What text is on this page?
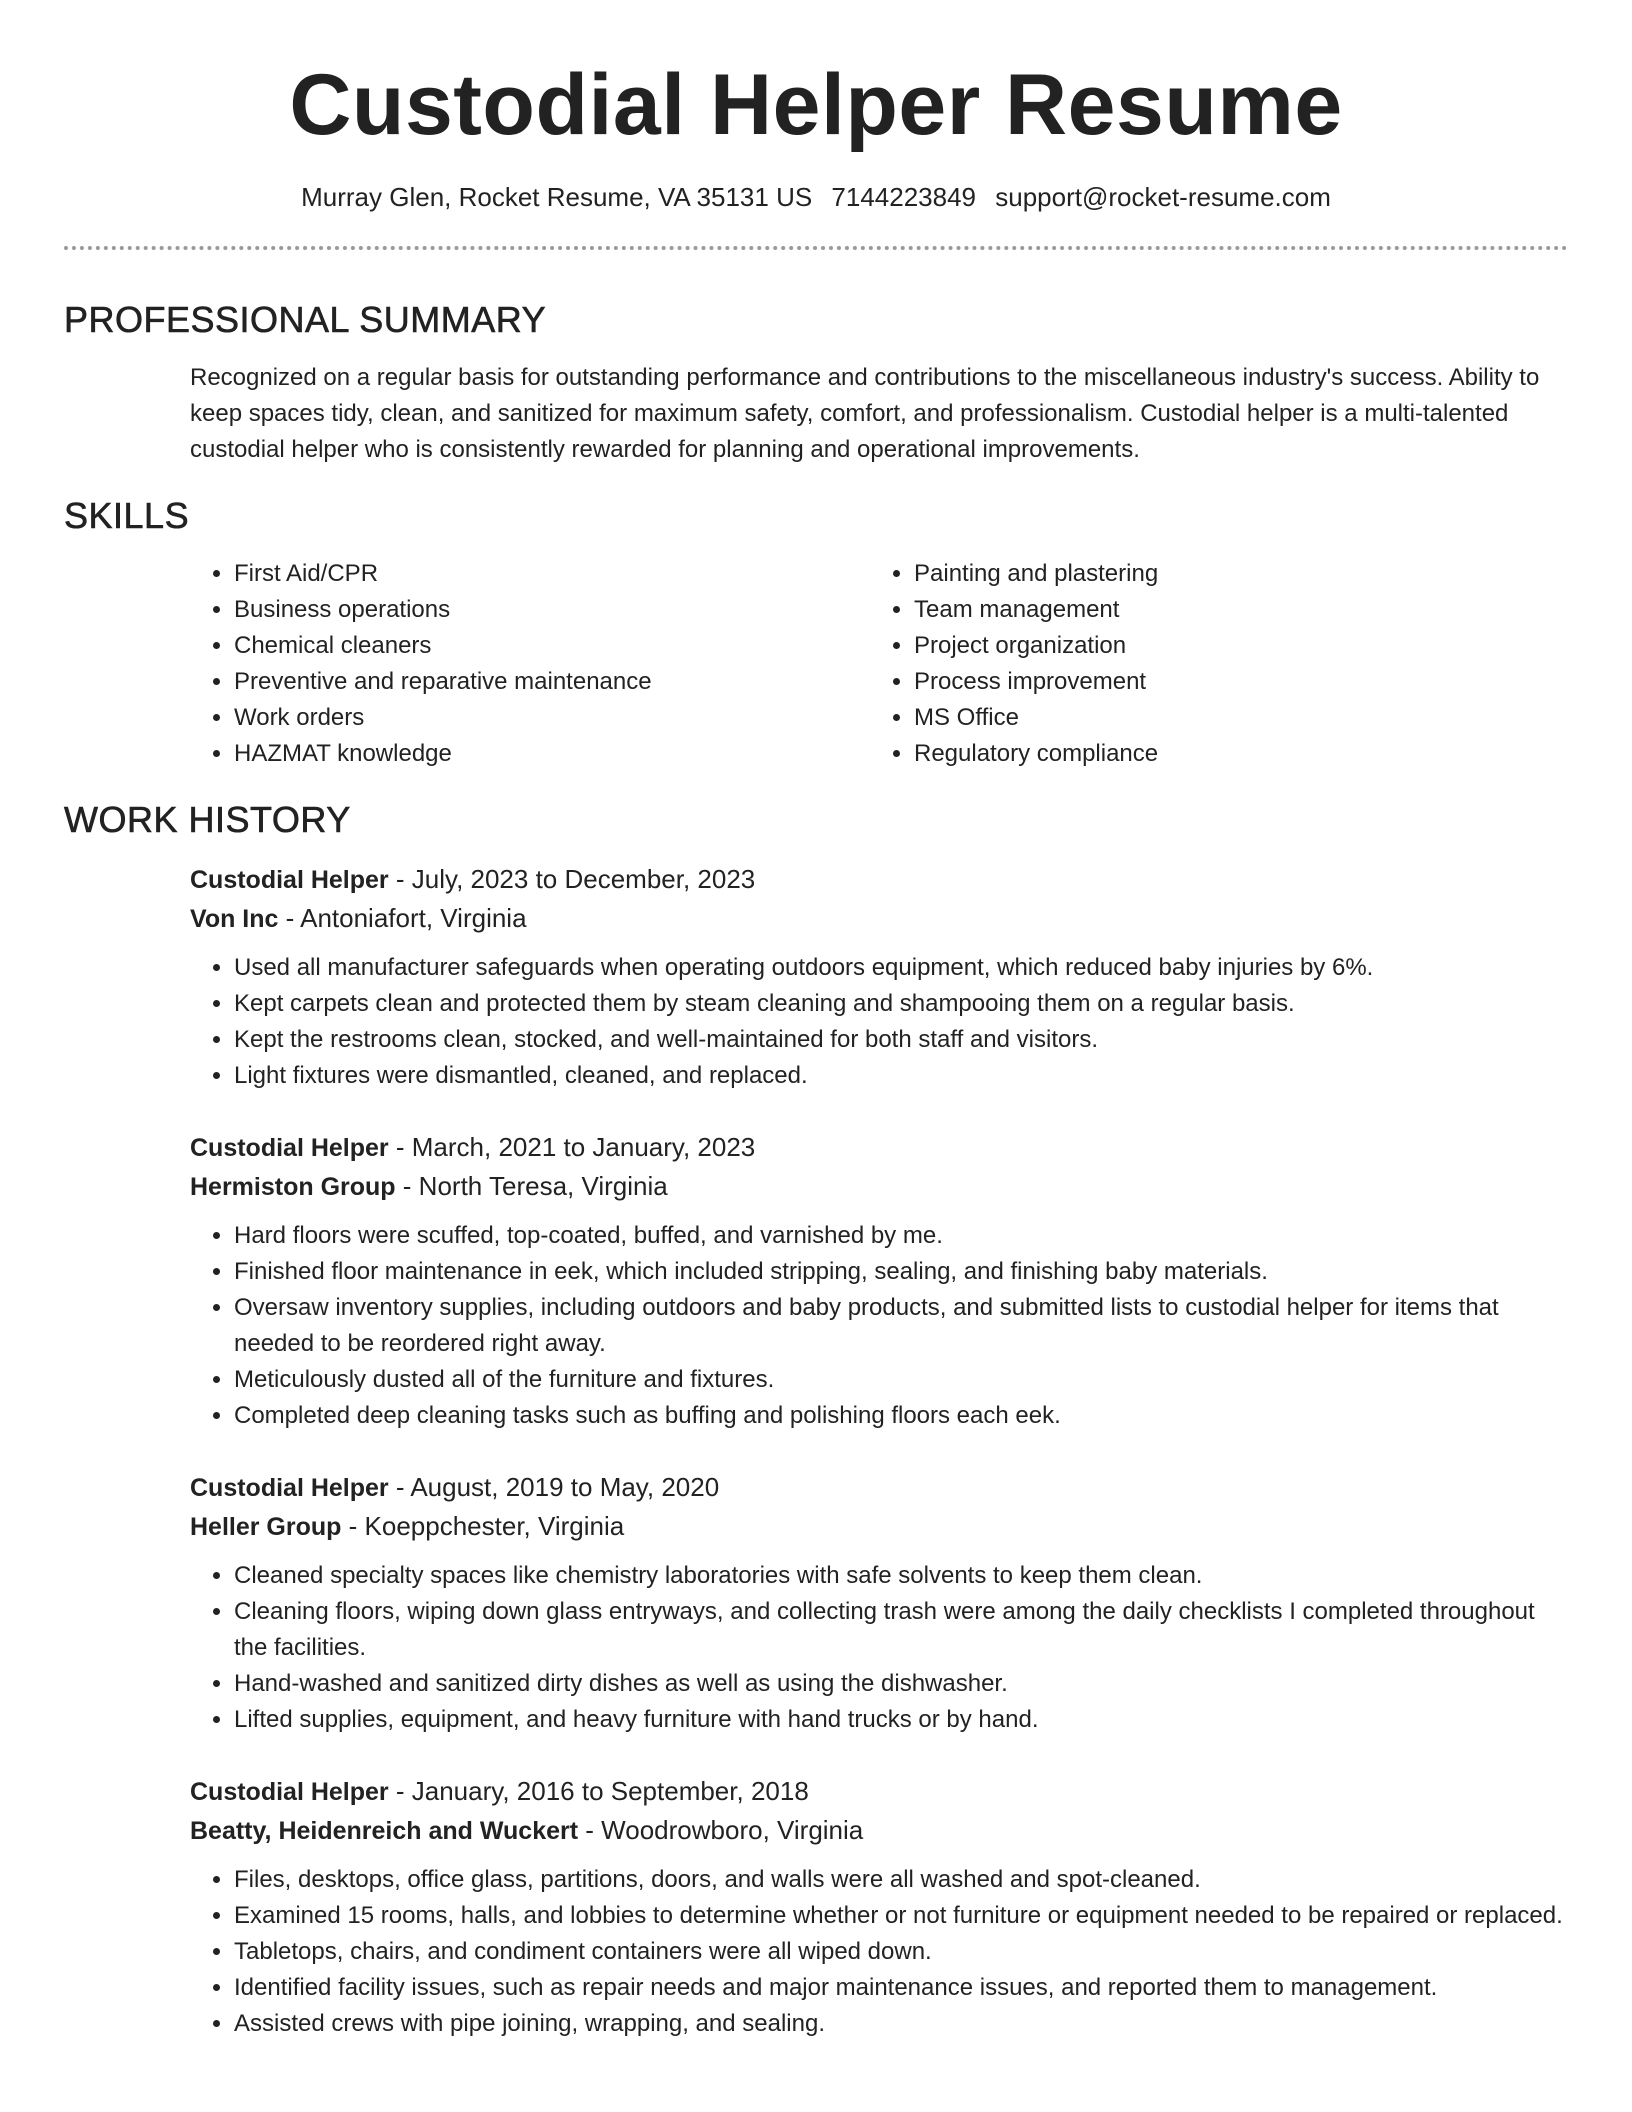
Custodial Helper Resume
Murray Glen, Rocket Resume, VA 35131 US 7144223849 support@rocket-resume.com
PROFESSIONAL SUMMARY
Recognized on a regular basis for outstanding performance and contributions to the miscellaneous industry's success. Ability to keep spaces tidy, clean, and sanitized for maximum safety, comfort, and professionalism. Custodial helper is a multi-talented custodial helper who is consistently rewarded for planning and operational improvements.
SKILLS
• First Aid/CPR
• Business operations
• Chemical cleaners
• Preventive and reparative maintenance
• Work orders
• HAZMAT knowledge
• Painting and plastering
• Team management
• Project organization
• Process improvement
• MS Office
• Regulatory compliance
WORK HISTORY
Custodial Helper - July, 2023 to December, 2023
Von Inc - Antoniafort, Virginia
• Used all manufacturer safeguards when operating outdoors equipment, which reduced baby injuries by 6%.
• Kept carpets clean and protected them by steam cleaning and shampooing them on a regular basis.
• Kept the restrooms clean, stocked, and well-maintained for both staff and visitors.
• Light fixtures were dismantled, cleaned, and replaced.
Custodial Helper - March, 2021 to January, 2023
Hermiston Group - North Teresa, Virginia
• Hard floors were scuffed, top-coated, buffed, and varnished by me.
• Finished floor maintenance in eek, which included stripping, sealing, and finishing baby materials.
• Oversaw inventory supplies, including outdoors and baby products, and submitted lists to custodial helper for items that needed to be reordered right away.
• Meticulously dusted all of the furniture and fixtures.
• Completed deep cleaning tasks such as buffing and polishing floors each eek.
Custodial Helper - August, 2019 to May, 2020
Heller Group - Koeppchester, Virginia
• Cleaned specialty spaces like chemistry laboratories with safe solvents to keep them clean.
• Cleaning floors, wiping down glass entryways, and collecting trash were among the daily checklists I completed throughout the facilities.
• Hand-washed and sanitized dirty dishes as well as using the dishwasher.
• Lifted supplies, equipment, and heavy furniture with hand trucks or by hand.
Custodial Helper - January, 2016 to September, 2018
Beatty, Heidenreich and Wuckert - Woodrowboro, Virginia
• Files, desktops, office glass, partitions, doors, and walls were all washed and spot-cleaned.
• Examined 15 rooms, halls, and lobbies to determine whether or not furniture or equipment needed to be repaired or replaced.
• Tabletops, chairs, and condiment containers were all wiped down.
• Identified facility issues, such as repair needs and major maintenance issues, and reported them to management.
• Assisted crews with pipe joining, wrapping, and sealing.
